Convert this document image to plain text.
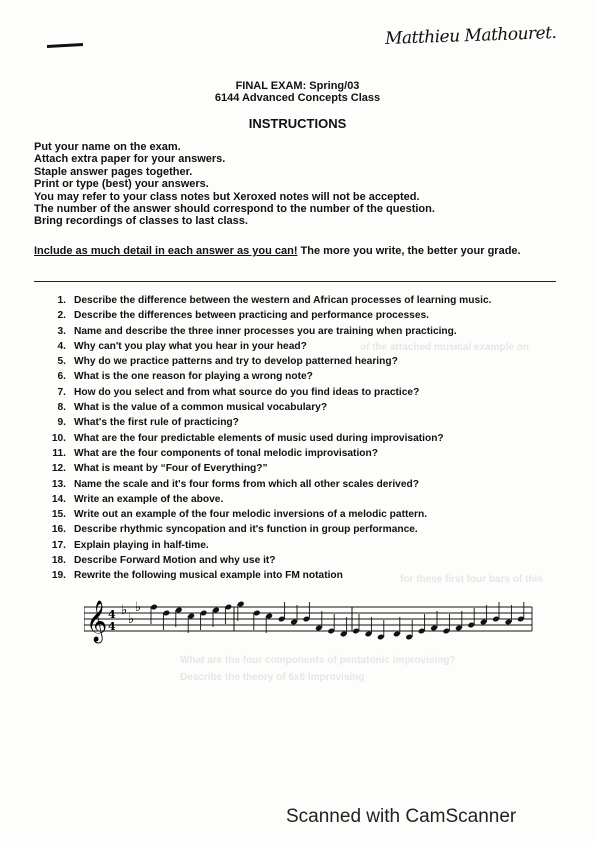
Matthieu Mathouret.
of the attached musical example on
for these first four bars of this
What are the four components of pentatonic improvising?
Describe the theory of 6x6 improvising
FINAL EXAM: Spring/03
6144 Advanced Concepts Class
INSTRUCTIONS
Put your name on the exam.
Attach extra paper for your answers.
Staple answer pages together.
Print or type (best) your answers.
You may refer to your class notes but Xeroxed notes will not be accepted.
The number of the answer should correspond to the number of the question.
Bring recordings of classes to last class.
Include as much detail in each answer as you can! The more you write, the better your grade.
1. Describe the difference between the western and African processes of learning music.
2. Describe the differences between practicing and performance processes.
3. Name and describe the three inner processes you are training when practicing.
4. Why can't you play what you hear in your head?
5. Why do we practice patterns and try to develop patterned hearing?
6. What is the one reason for playing a wrong note?
7. How do you select and from what source do you find ideas to practice?
8. What is the value of a common musical vocabulary?
9. What's the first rule of practicing?
10. What are the four predictable elements of music used during improvisation?
11. What are the four components of tonal melodic improvisation?
12. What is meant by “Four of Everything?”
13. Name the scale and it's four forms from which all other scales derived?
14. Write an example of the above.
15. Write out an example of the four melodic inversions of a melodic pattern.
16. Describe rhythmic syncopation and it's function in group performance.
17. Explain playing in half-time.
18. Describe Forward Motion and why use it?
19. Rewrite the following musical example into FM notation
𝄞 4
4
♭
♭
♭
Scanned with CamScanner
